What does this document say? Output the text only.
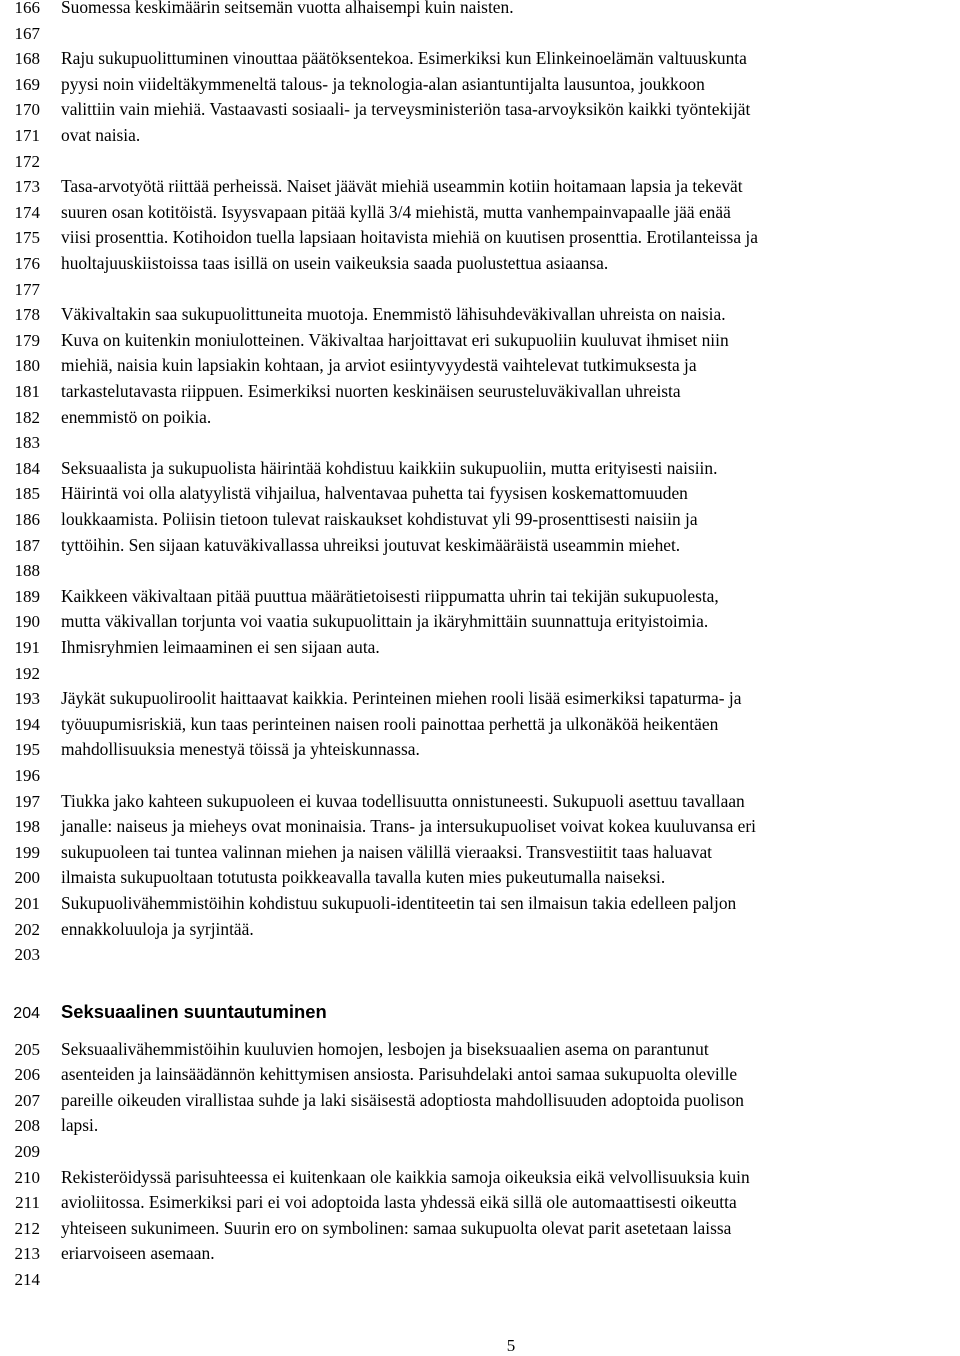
166
167
168
169
170
171
172
173
174
175
176
177
178
179
180
181
182
183
184
185
186
187
188
189
190
191
192
193
194
195
196
197
198
199
200
201
202
203
204
205
206
207
208
209
210
211
212
213
214
Suomessa keskimäärin seitsemän vuotta alhaisempi kuin naisten.
Raju sukupuolittuminen vinouttaa päätöksentekoa. Esimerkiksi kun Elinkeinoelämän valtuuskunta
pyysi noin viideltäkymmeneltä talous- ja teknologia-alan asiantuntijalta lausuntoa, joukkoon
valittiin vain miehiä. Vastaavasti sosiaali- ja terveysministeriön tasa-arvoyksikön kaikki työntekijät
ovat naisia.
Tasa-arvotyötä riittää perheissä. Naiset jäävät miehiä useammin kotiin hoitamaan lapsia ja tekevät
suuren osan kotitöistä. Isyysvapaan pitää kyllä 3/4 miehistä, mutta vanhempainvapaalle jää enää
viisi prosenttia. Kotihoidon tuella lapsiaan hoitavista miehiä on kuutisen prosenttia. Erotilanteissa ja
huoltajuuskiistoissa taas isillä on usein vaikeuksia saada puolustettua asiaansa.
Väkivaltakin saa sukupuolittuneita muotoja. Enemmistö lähisuhdeväkivallan uhreista on naisia.
Kuva on kuitenkin moniulotteinen. Väkivaltaa harjoittavat eri sukupuoliin kuuluvat ihmiset niin
miehiä, naisia kuin lapsiakin kohtaan, ja arviot esiintyvyydestä vaihtelevat tutkimuksesta ja
tarkastelutavasta riippuen. Esimerkiksi nuorten keskinäisen seurusteluväkivallan uhreista
enemmistö on poikia.
Seksuaalista ja sukupuolista häirintää kohdistuu kaikkiin sukupuoliin, mutta erityisesti naisiin.
Häirintä voi olla alatyylistä vihjailua, halventavaa puhetta tai fyysisen koskemattomuuden
loukkaamista. Poliisin tietoon tulevat raiskaukset kohdistuvat yli 99-prosenttisesti naisiin ja
tyttöihin. Sen sijaan katuväkivallassa uhreiksi joutuvat keskimääräistä useammin miehet.
Kaikkeen väkivaltaan pitää puuttua määrätietoisesti riippumatta uhrin tai tekijän sukupuolesta,
mutta väkivallan torjunta voi vaatia sukupuolittain ja ikäryhmittäin suunnattuja erityistoimia.
Ihmisryhmien leimaaminen ei sen sijaan auta.
Jäykät sukupuoliroolit haittaavat kaikkia. Perinteinen miehen rooli lisää esimerkiksi tapaturma- ja
työuupumisriskiä, kun taas perinteinen naisen rooli painottaa perhettä ja ulkonäköä heikentäen
mahdollisuuksia menestyä töissä ja yhteiskunnassa.
Tiukka jako kahteen sukupuoleen ei kuvaa todellisuutta onnistuneesti. Sukupuoli asettuu tavallaan
janalle: naiseus ja mieheys ovat moninaisia. Trans- ja intersukupuoliset voivat kokea kuuluvansa eri
sukupuoleen tai tuntea valinnan miehen ja naisen välillä vieraaksi. Transvestiitit taas haluavat
ilmaista sukupuoltaan totutusta poikkeavalla tavalla kuten mies pukeutumalla naiseksi.
Sukupuolivähemmistöihin kohdistuu sukupuoli-identiteetin tai sen ilmaisun takia edelleen paljon
ennakkoluuloja ja syrjintää.
Seksuaalinen suuntautuminen
Seksuaalivähemmistöihin kuuluvien homojen, lesbojen ja biseksuaalien asema on parantunut
asenteiden ja lainsäädännön kehittymisen ansiosta. Parisuhdelaki antoi samaa sukupuolta oleville
pareille oikeuden virallistaa suhde ja laki sisäisestä adoptiosta mahdollisuuden adoptoida puolison
lapsi.
Rekisteröidyssä parisuhteessa ei kuitenkaan ole kaikkia samoja oikeuksia eikä velvollisuuksia kuin
avioliitossa. Esimerkiksi pari ei voi adoptoida lasta yhdessä eikä sillä ole automaattisesti oikeutta
yhteiseen sukunimeen. Suurin ero on symbolinen: samaa sukupuolta olevat parit asetetaan laissa
eriarvoiseen asemaan.
5
